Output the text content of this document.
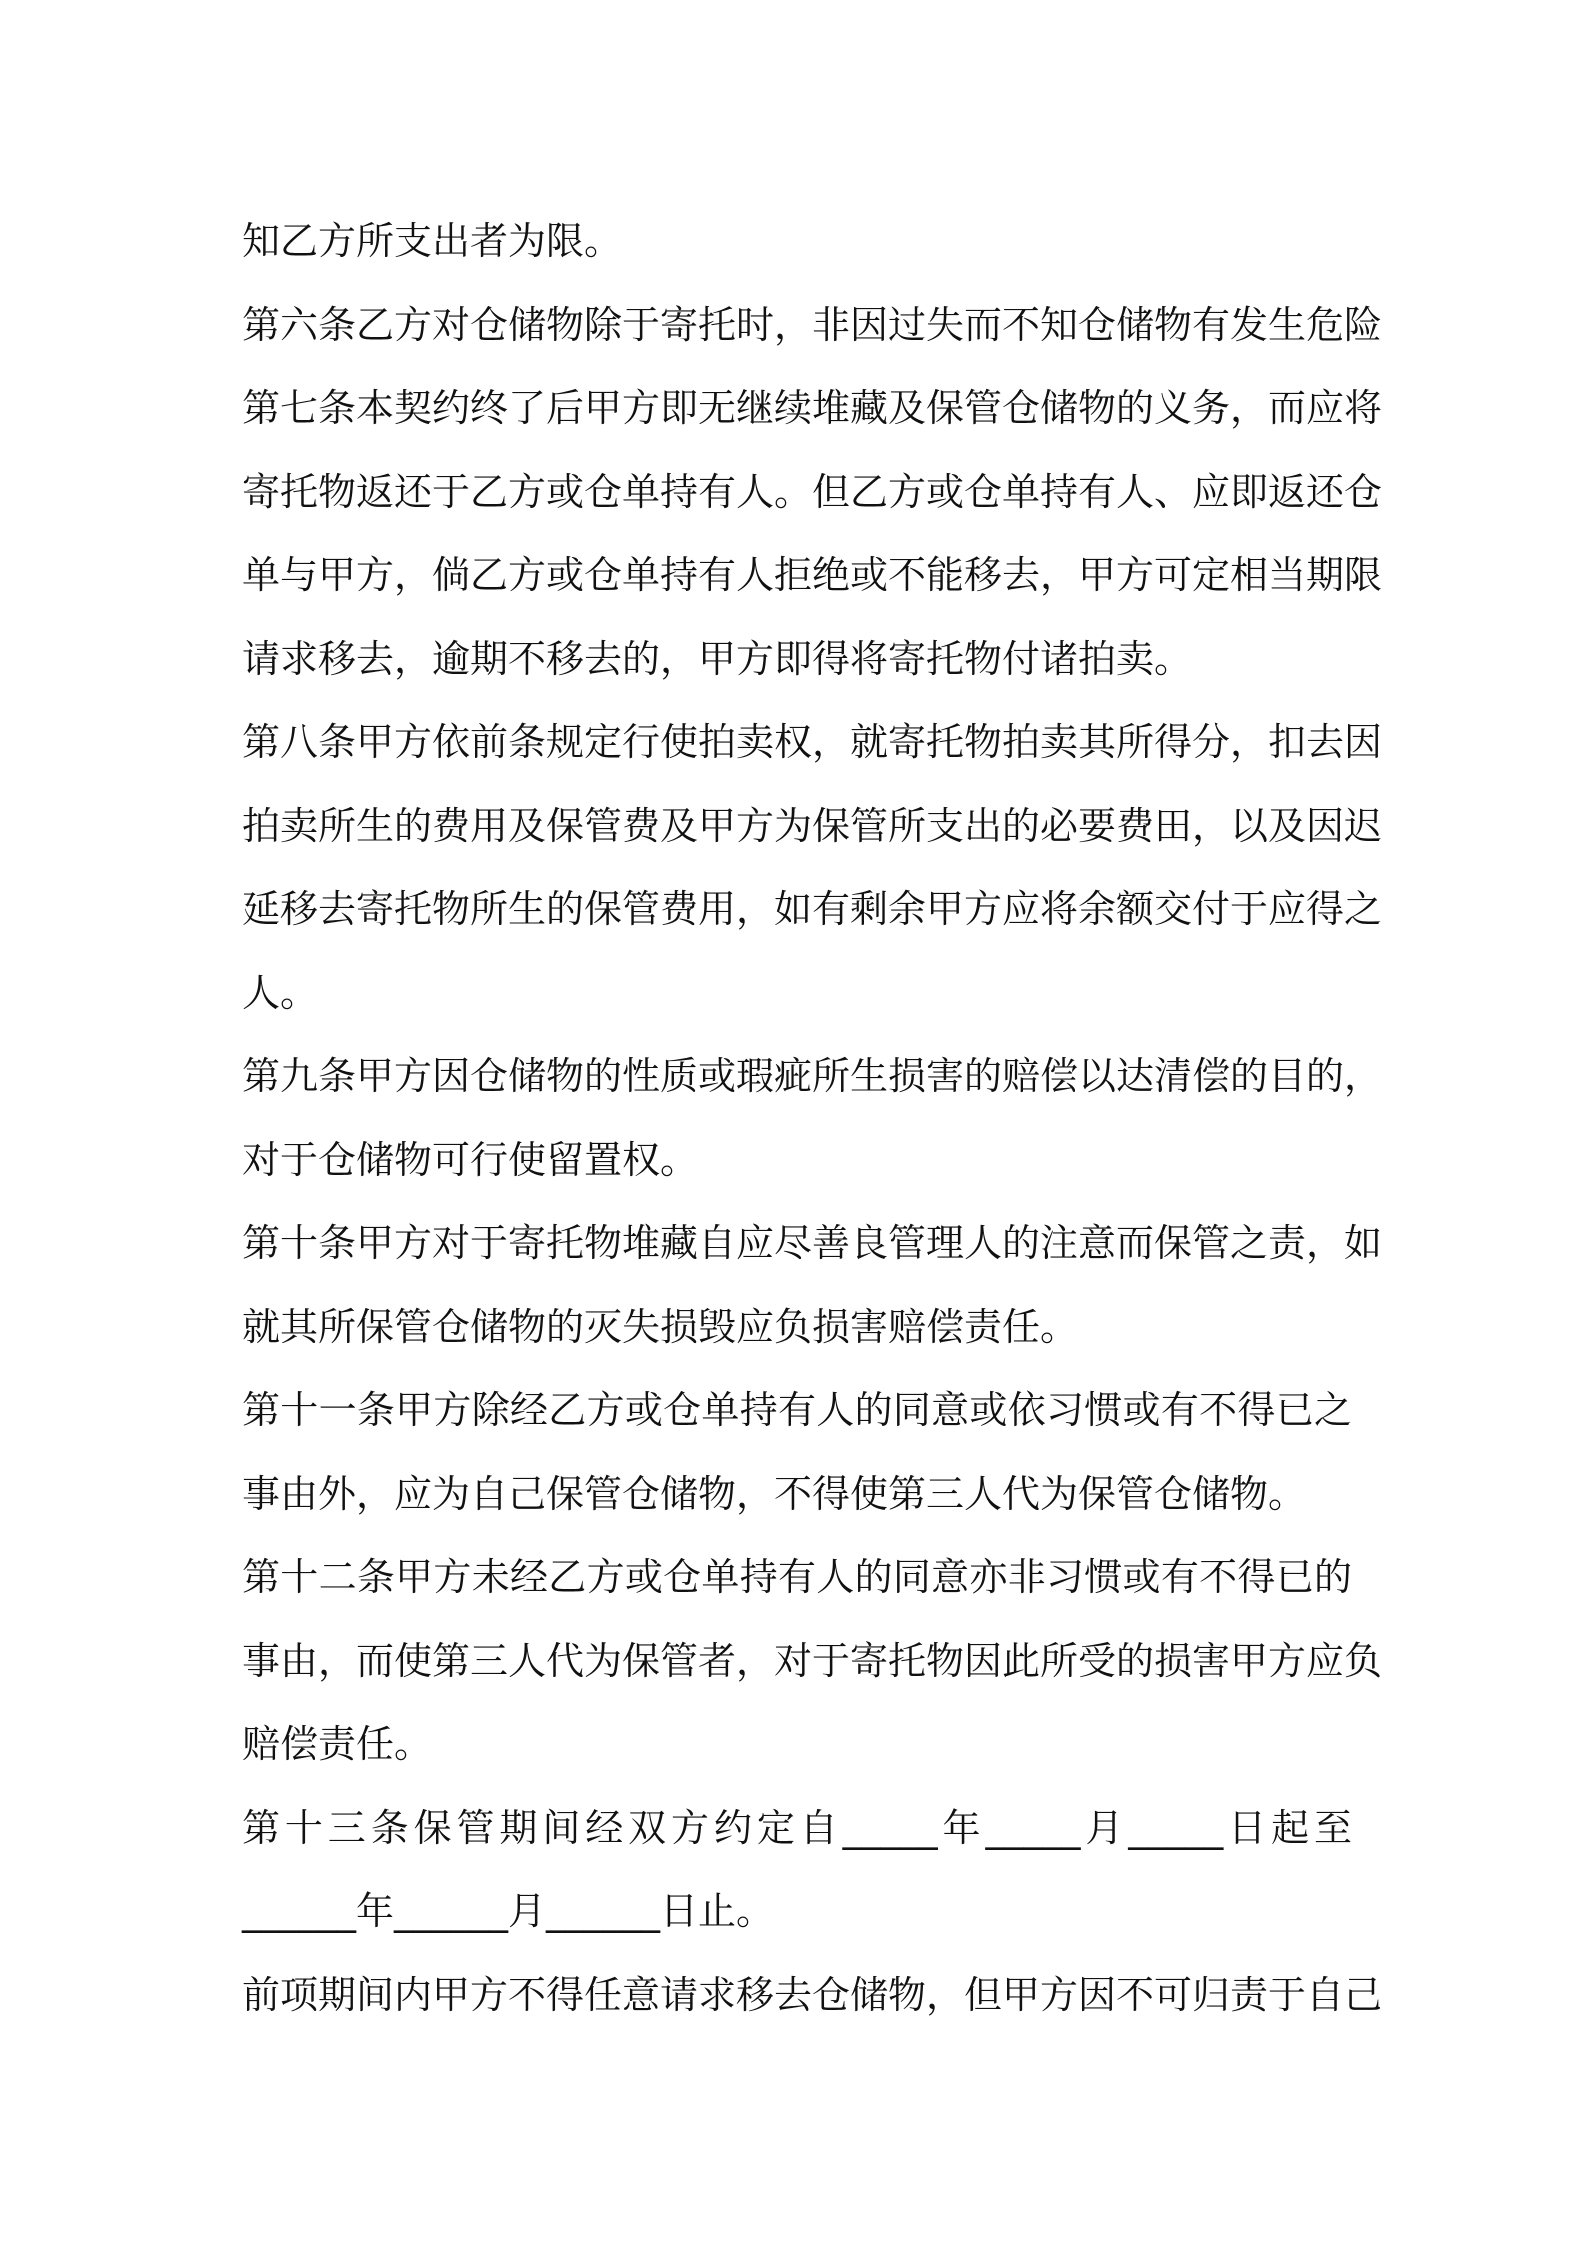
知乙方所支出者为限。
第六条乙方对仓储物除于寄托时，非因过失而不知仓储物有发生危险
第七条本契约终了后甲方即无继续堆藏及保管仓储物的义务，而应将
寄托物返还于乙方或仓单持有人。但乙方或仓单持有人、应即返还仓
单与甲方，倘乙方或仓单持有人拒绝或不能移去，甲方可定相当期限
请求移去，逾期不移去的，甲方即得将寄托物付诸拍卖。
第八条甲方依前条规定行使拍卖权，就寄托物拍卖其所得分，扣去因
拍卖所生的费用及保管费及甲方为保管所支出的必要费田，以及因迟
延移去寄托物所生的保管费用，如有剩余甲方应将余额交付于应得之
人。
第九条甲方因仓储物的性质或瑕疵所生损害的赔偿以达清偿的目的，
对于仓储物可行使留置权。
第十条甲方对于寄托物堆藏自应尽善良管理人的注意而保管之责，如
就其所保管仓储物的灭失损毁应负损害赔偿责任。
第十一条甲方除经乙方或仓单持有人的同意或依习惯或有不得已之
事由外，应为自己保管仓储物，不得使第三人代为保管仓储物。
第十二条甲方未经乙方或仓单持有人的同意亦非习惯或有不得已的
事由，而使第三人代为保管者，对于寄托物因此所受的损害甲方应负
赔偿责任。
第十三条保管期间经双方约定自_____年_____月_____日起至
______年______月______日止。
前项期间内甲方不得任意请求移去仓储物，但甲方因不可归责于自己
